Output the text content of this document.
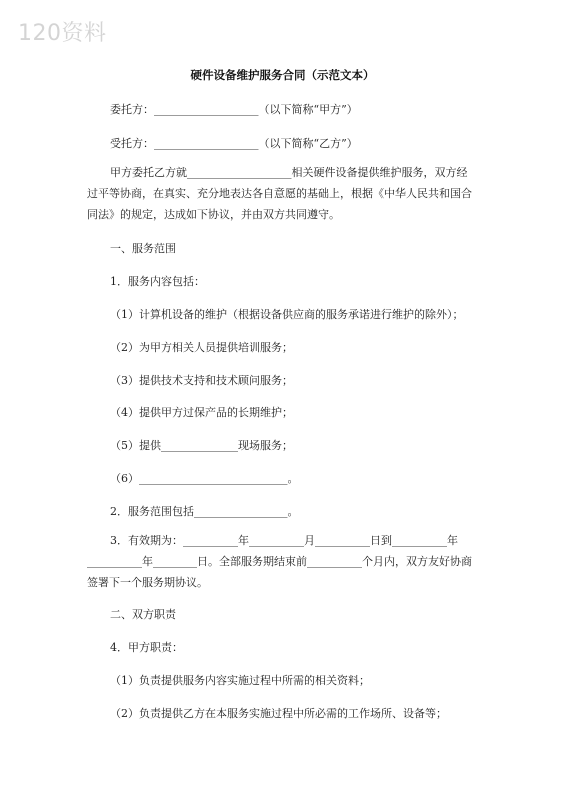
120资料
硬件设备维护服务合同（示范文本）
委托方：___________________（以下简称“甲方”）
受托方：___________________（以下简称“乙方”）
甲方委托乙方就___________________相关硬件设备提供维护服务，双方经过平等协商，在真实、充分地表达各自意愿的基础上，根据《中华人民共和国合同法》的规定，达成如下协议，并由双方共同遵守。
一、服务范围
1．服务内容包括：
（1）计算机设备的维护（根据设备供应商的服务承诺进行维护的除外）；
（2）为甲方相关人员提供培训服务；
（3）提供技术支持和技术顾问服务；
（4）提供甲方过保产品的长期维护；
（5）提供______________现场服务；
（6）___________________________。
2．服务范围包括_________________。
3．有效期为：__________年__________月__________日到__________年__________年________日。全部服务期结束前__________个月内，双方友好协商签署下一个服务期协议。
二、双方职责
4．甲方职责：
（1）负责提供服务内容实施过程中所需的相关资料；
（2）负责提供乙方在本服务实施过程中所必需的工作场所、设备等；
